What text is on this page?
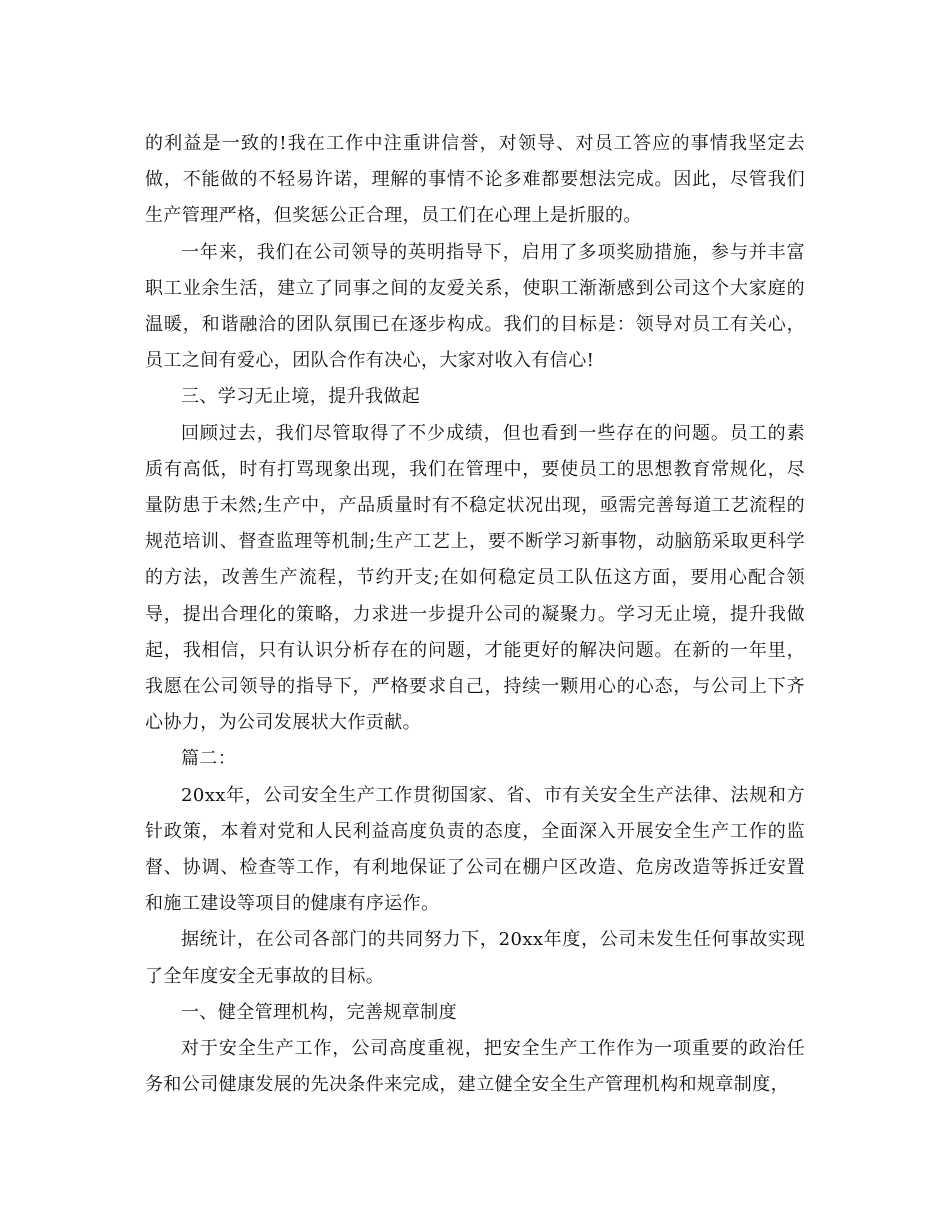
的利益是一致的!我在工作中注重讲信誉，对领导、对员工答应的事情我坚定去做，不能做的不轻易许诺，理解的事情不论多难都要想法完成。因此，尽管我们生产管理严格，但奖惩公正合理，员工们在心理上是折服的。

一年来，我们在公司领导的英明指导下，启用了多项奖励措施，参与并丰富职工业余生活，建立了同事之间的友爱关系，使职工渐渐感到公司这个大家庭的温暖，和谐融洽的团队氛围已在逐步构成。我们的目标是：领导对员工有关心，员工之间有爱心，团队合作有决心，大家对收入有信心!

三、学习无止境，提升我做起

回顾过去，我们尽管取得了不少成绩，但也看到一些存在的问题。员工的素质有高低，时有打骂现象出现，我们在管理中，要使员工的思想教育常规化，尽量防患于未然;生产中，产品质量时有不稳定状况出现，亟需完善每道工艺流程的规范培训、督查监理等机制;生产工艺上，要不断学习新事物，动脑筋采取更科学的方法，改善生产流程，节约开支;在如何稳定员工队伍这方面，要用心配合领导，提出合理化的策略，力求进一步提升公司的凝聚力。学习无止境，提升我做起，我相信，只有认识分析存在的问题，才能更好的解决问题。在新的一年里，我愿在公司领导的指导下，严格要求自己，持续一颗用心的心态，与公司上下齐心协力，为公司发展状大作贡献。

篇二：

20xx年，公司安全生产工作贯彻国家、省、市有关安全生产法律、法规和方针政策，本着对党和人民利益高度负责的态度，全面深入开展安全生产工作的监督、协调、检查等工作，有利地保证了公司在棚户区改造、危房改造等拆迁安置和施工建设等项目的健康有序运作。

据统计，在公司各部门的共同努力下，20xx年度，公司未发生任何事故实现了全年度安全无事故的目标。

一、健全管理机构，完善规章制度

对于安全生产工作，公司高度重视，把安全生产工作作为一项重要的政治任务和公司健康发展的先决条件来完成，建立健全安全生产管理机构和规章制度，
